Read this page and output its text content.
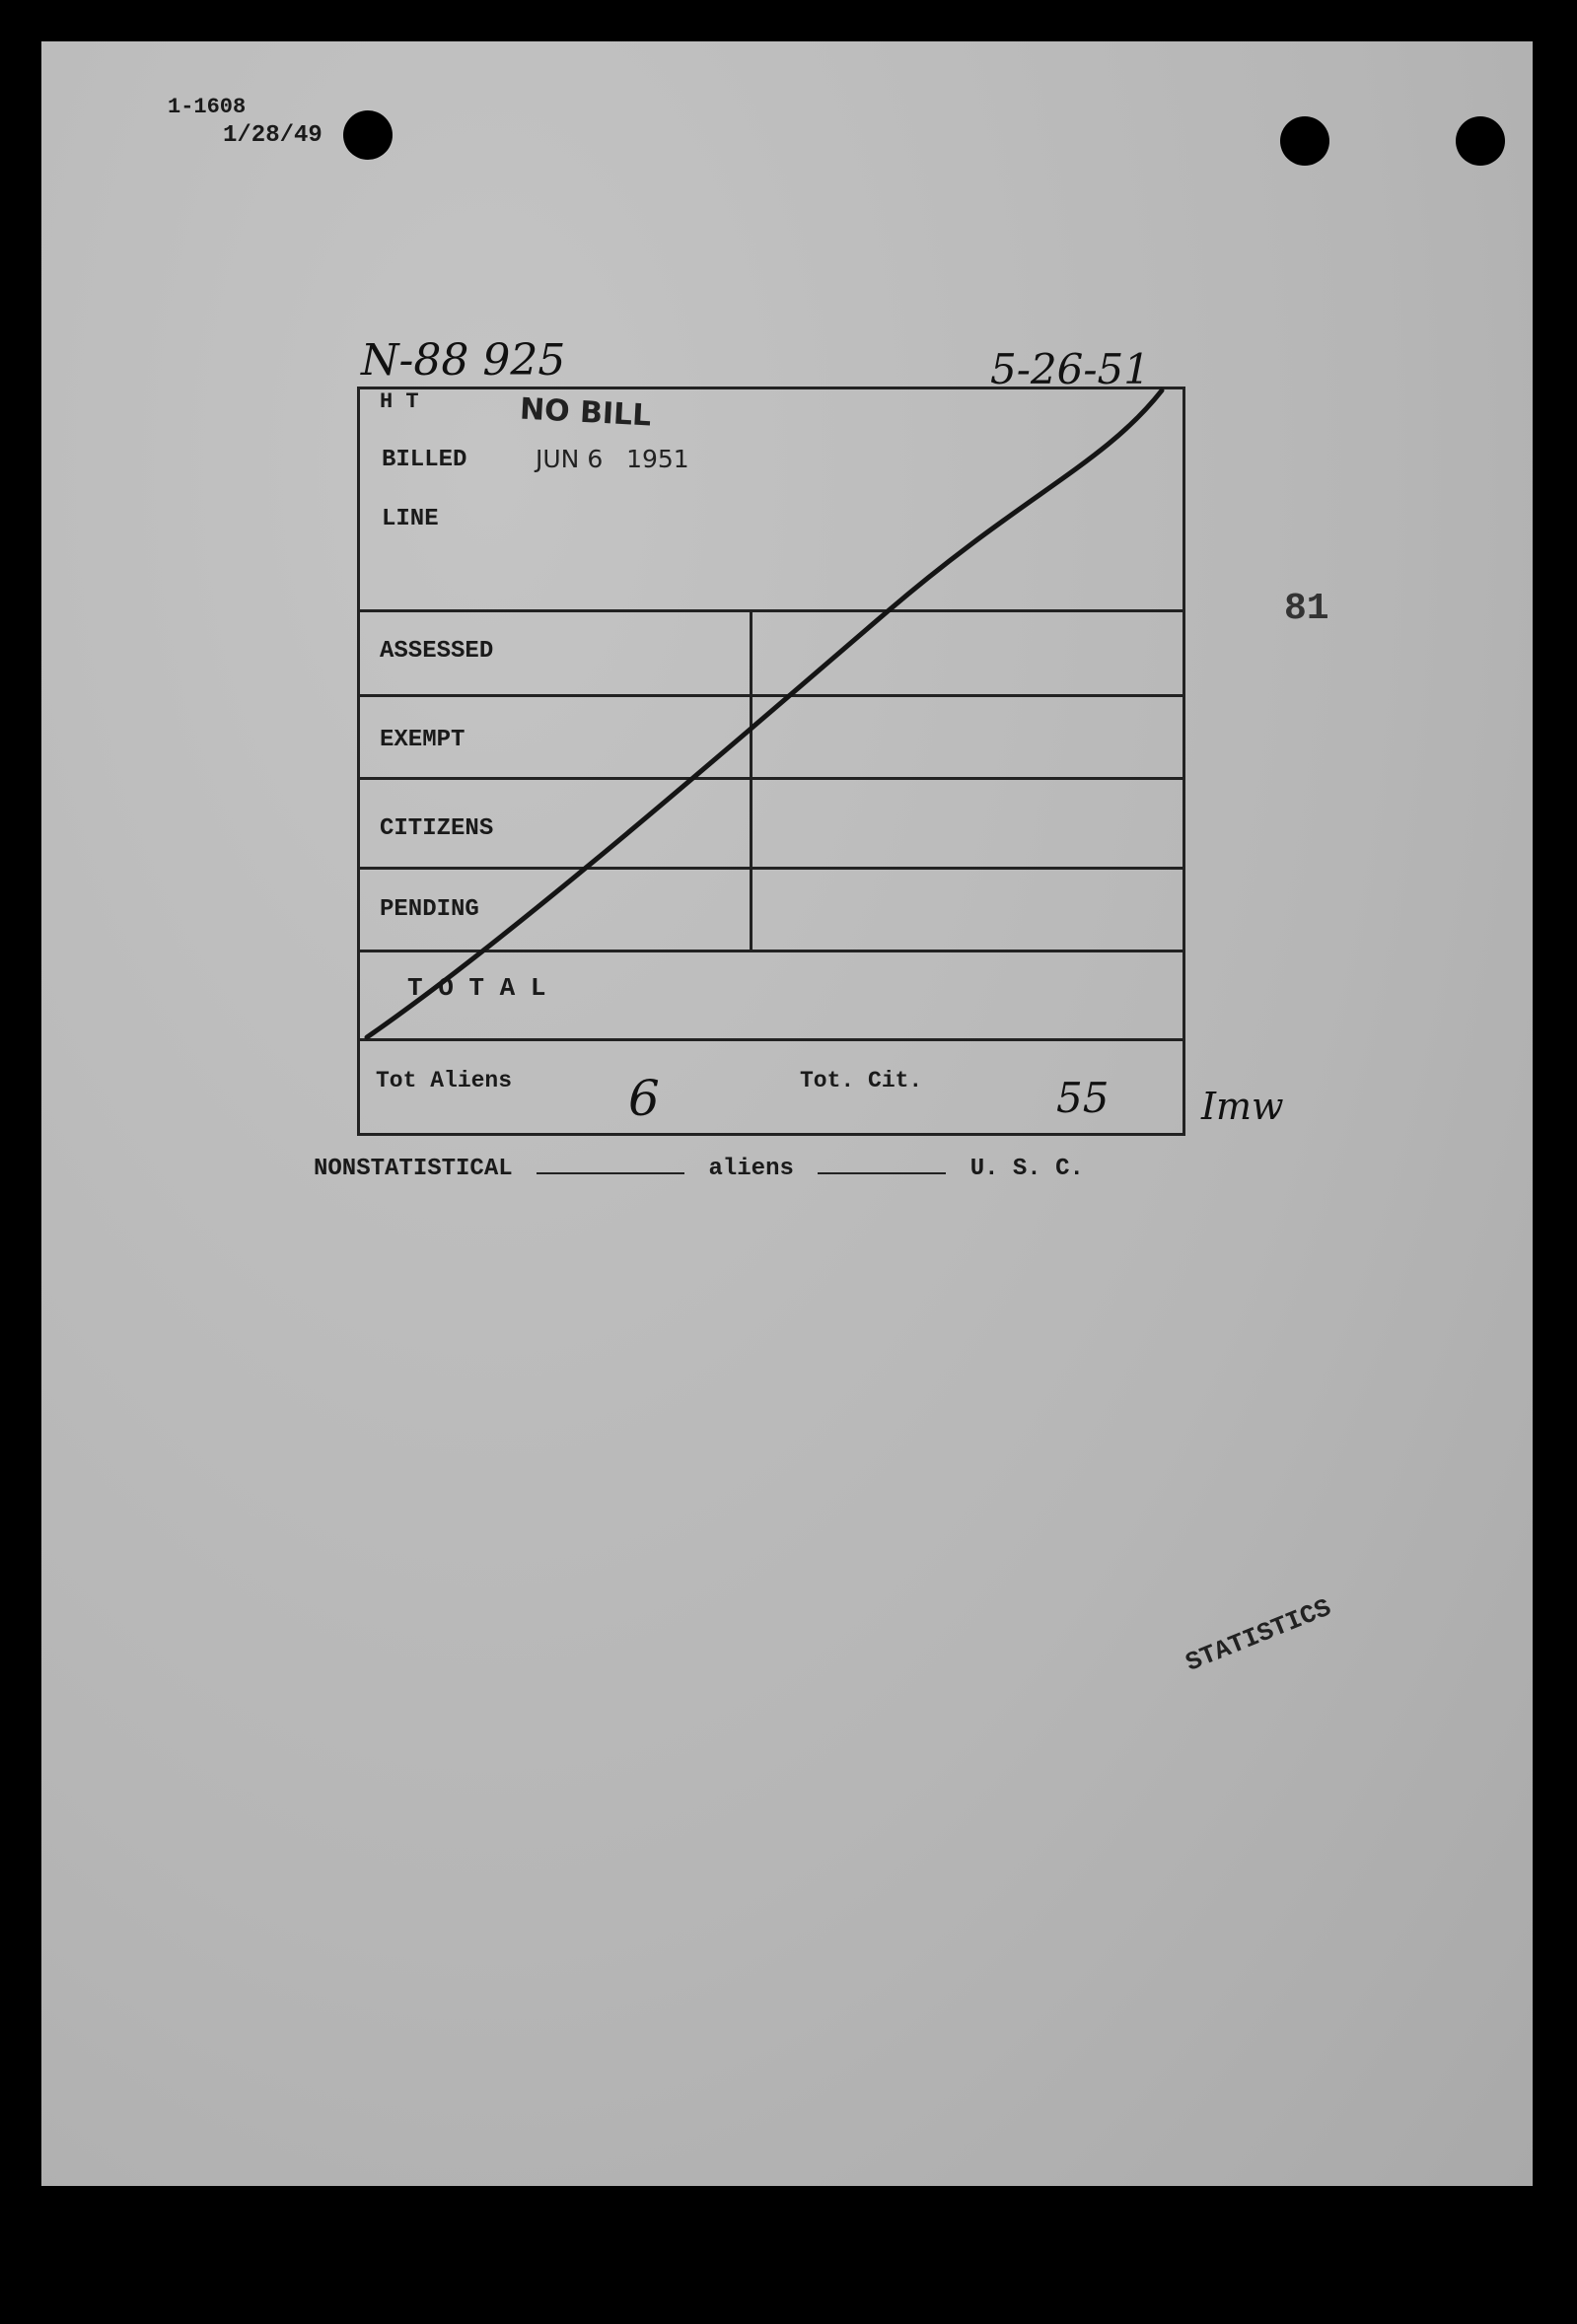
1-1608
1/28/49
N-88 925	5-26-51
81
H T	NO BILL
BILLED	JUN 6   1951
LINE
ASSESSED
EXEMPT
CITIZENS
PENDING
T O T A L
Tot Aliens 6	Tot. Cit.	55 Imw
NONSTATISTICAL	aliens	U. S. C.
STATISTICS
